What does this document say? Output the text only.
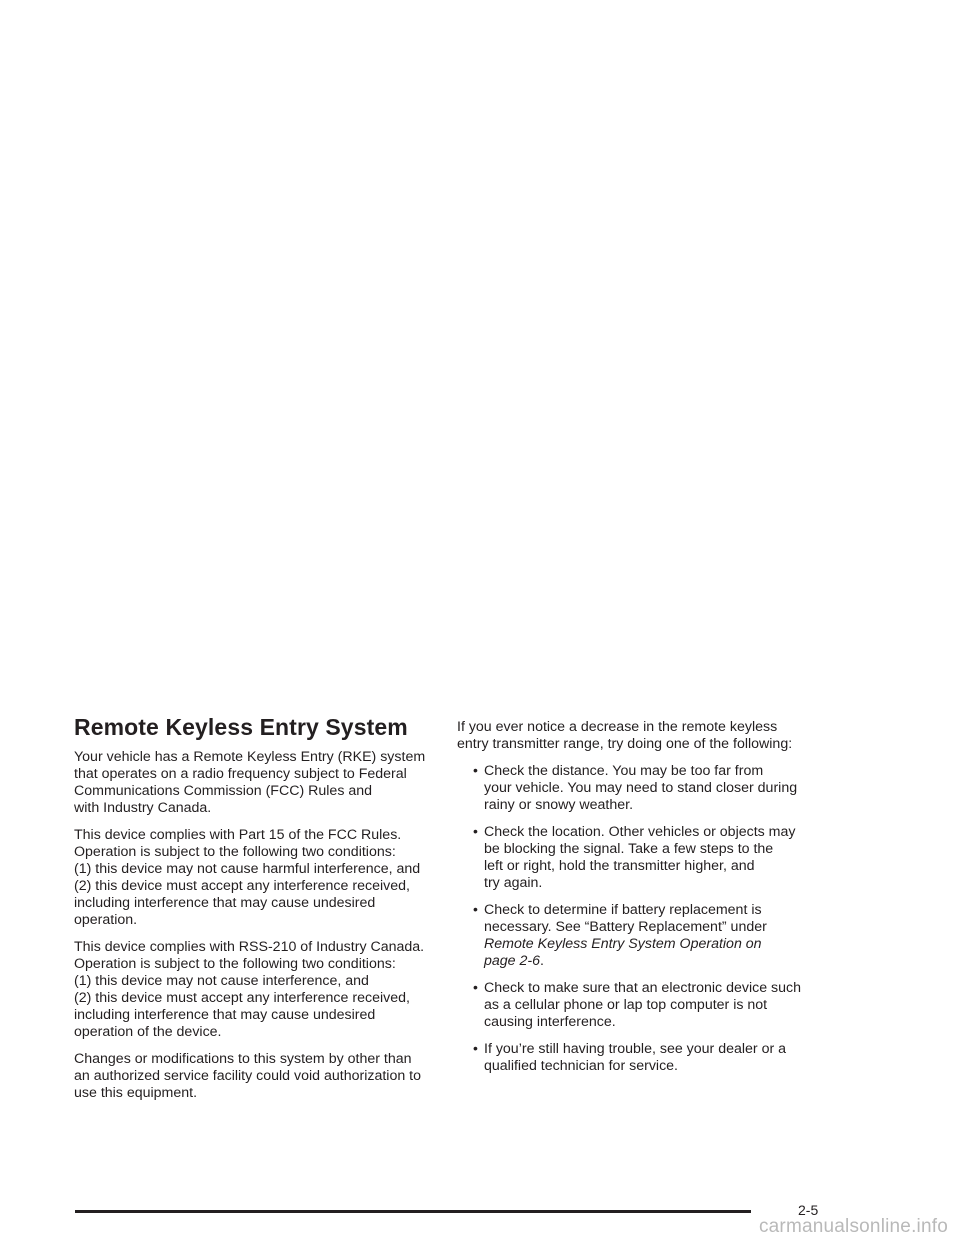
Remote Keyless Entry System

Your vehicle has a Remote Keyless Entry (RKE) system
that operates on a radio frequency subject to Federal
Communications Commission (FCC) Rules and
with Industry Canada.

This device complies with Part 15 of the FCC Rules.
Operation is subject to the following two conditions:
(1) this device may not cause harmful interference, and
(2) this device must accept any interference received,
including interference that may cause undesired
operation.

This device complies with RSS-210 of Industry Canada.
Operation is subject to the following two conditions:
(1) this device may not cause interference, and
(2) this device must accept any interference received,
including interference that may cause undesired
operation of the device.

Changes or modifications to this system by other than
an authorized service facility could void authorization to
use this equipment.

If you ever notice a decrease in the remote keyless
entry transmitter range, try doing one of the following:

• Check the distance. You may be too far from
your vehicle. You may need to stand closer during
rainy or snowy weather.
• Check the location. Other vehicles or objects may
be blocking the signal. Take a few steps to the
left or right, hold the transmitter higher, and
try again.
• Check to determine if battery replacement is
necessary. See “Battery Replacement” under
Remote Keyless Entry System Operation on
page 2-6.
• Check to make sure that an electronic device such
as a cellular phone or lap top computer is not
causing interference.
• If you’re still having trouble, see your dealer or a
qualified technician for service.
2-5
carmanualsonline.info
